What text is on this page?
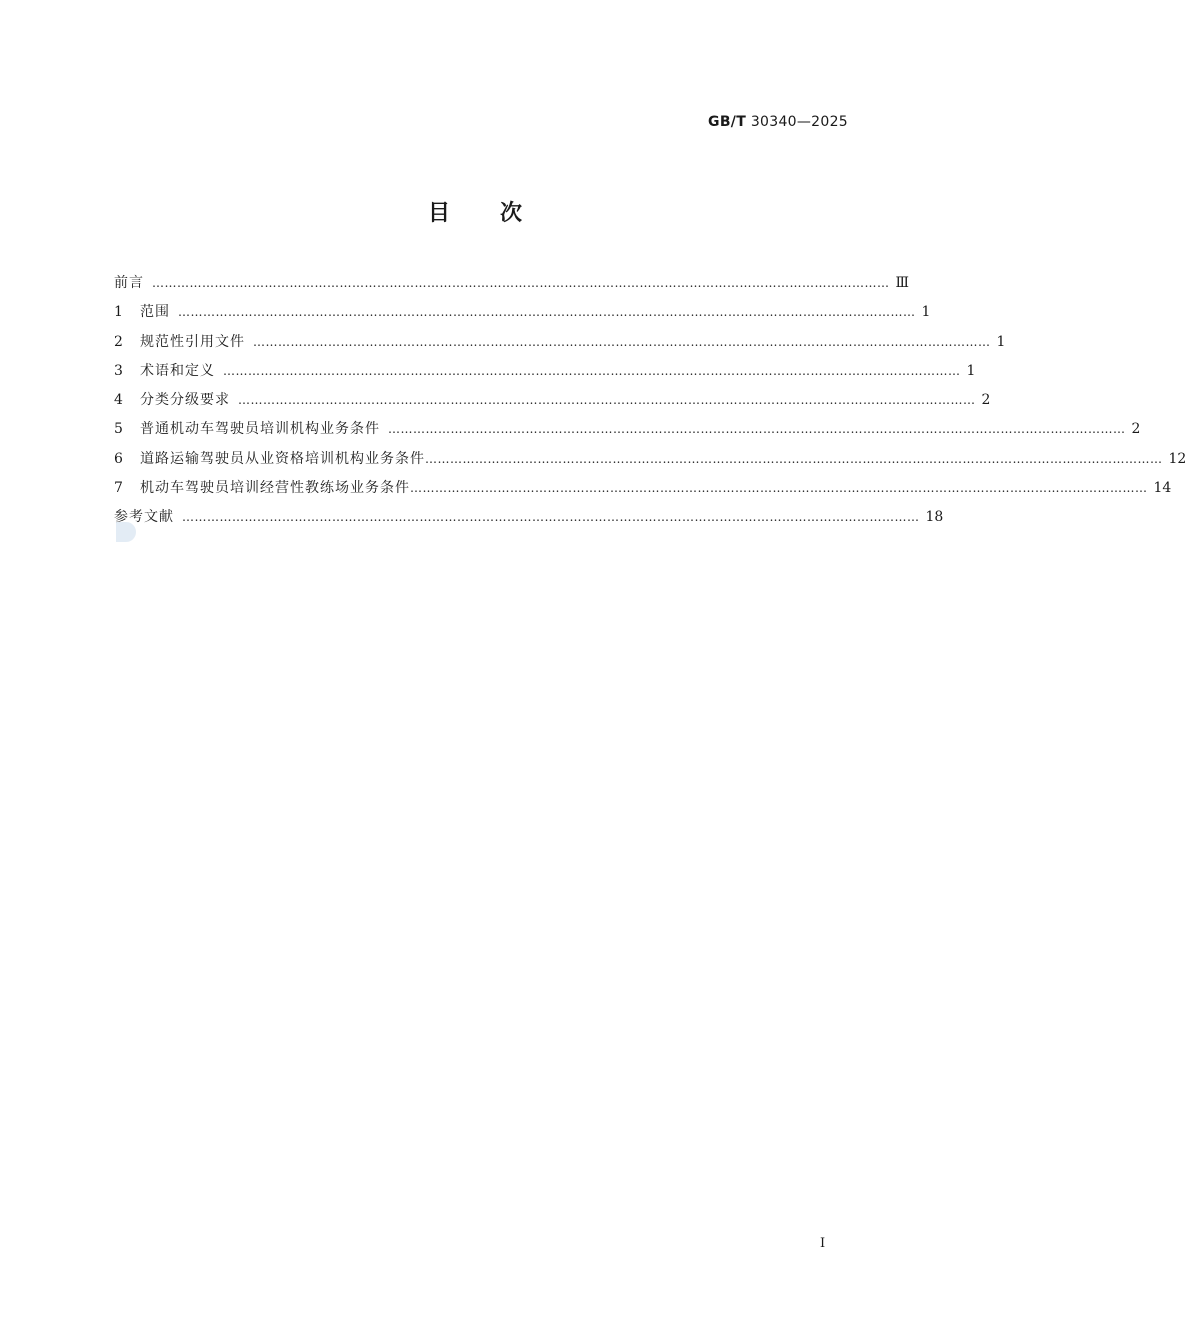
GB/T 30340—2025
目次
前言 …………………………………………………………………………………………………………………………………………………………… Ⅲ
1	范围 …………………………………………………………………………………………………………………………………………………………… 1
2	规范性引用文件 …………………………………………………………………………………………………………………………………………………………… 1
3	术语和定义 …………………………………………………………………………………………………………………………………………………………… 1
4	分类分级要求 …………………………………………………………………………………………………………………………………………………………… 2
5	普通机动车驾驶员培训机构业务条件 …………………………………………………………………………………………………………………………………………………………… 2
6	道路运输驾驶员从业资格培训机构业务条件 …………………………………………………………………………………………………………………………………………………………… 12
7	机动车驾驶员培训经营性教练场业务条件 …………………………………………………………………………………………………………………………………………………………… 14
参考文献 …………………………………………………………………………………………………………………………………………………………… 18
I
